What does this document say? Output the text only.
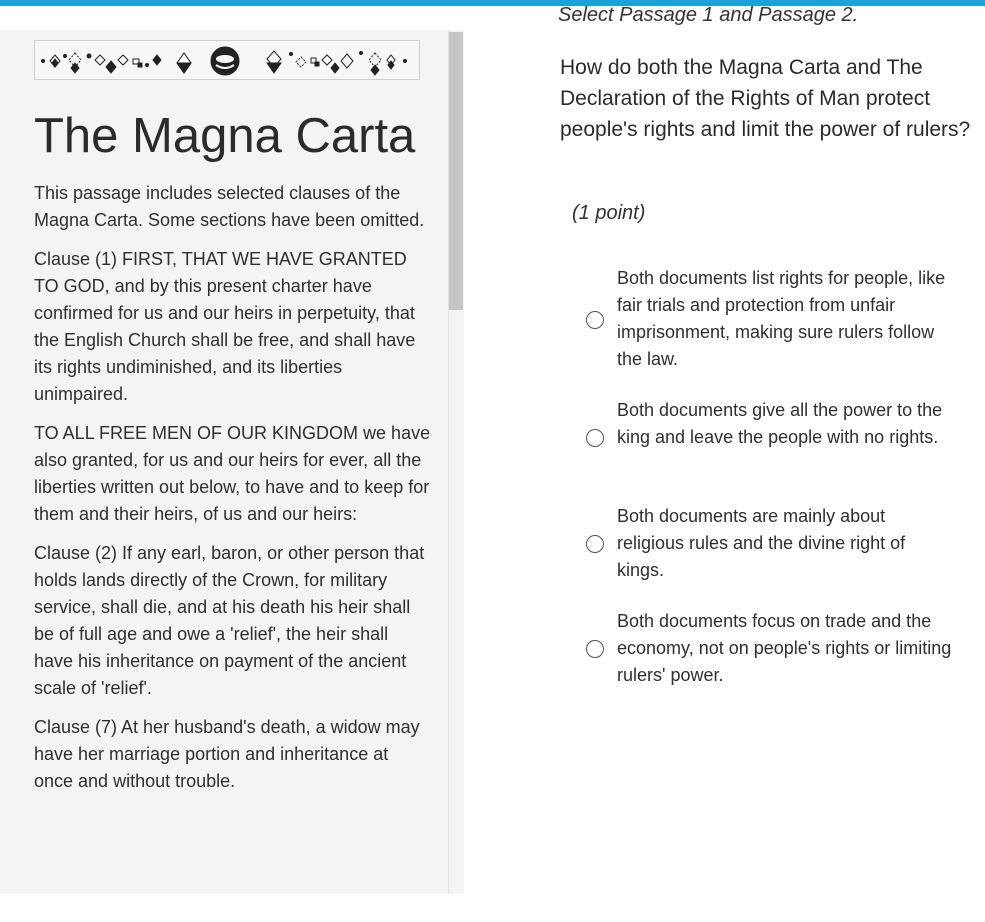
Select Passage 1 and Passage 2.
The Magna Carta

This passage includes selected clauses of the Magna Carta. Some sections have been omitted.

Clause (1) FIRST, THAT WE HAVE GRANTED TO GOD, and by this present charter have confirmed for us and our heirs in perpetuity, that the English Church shall be free, and shall have its rights undiminished, and its liberties unimpaired.

TO ALL FREE MEN OF OUR KINGDOM we have also granted, for us and our heirs for ever, all the liberties written out below, to have and to keep for them and their heirs, of us and our heirs:

Clause (2) If any earl, baron, or other person that holds lands directly of the Crown, for military service, shall die, and at his death his heir shall be of full age and owe a 'relief', the heir shall have his inheritance on payment of the ancient scale of 'relief'.

Clause (7) At her husband's death, a widow may have her marriage portion and inheritance at once and without trouble.

How do both the Magna Carta and The Declaration of the Rights of Man protect people's rights and limit the power of rulers?

(1 point)
Both documents list rights for people, like fair trials and protection from unfair imprisonment, making sure rulers follow the law.
Both documents give all the power to the king and leave the people with no rights.
Both documents are mainly about religious rules and the divine right of kings.
Both documents focus on trade and the economy, not on people's rights or limiting rulers' power.
